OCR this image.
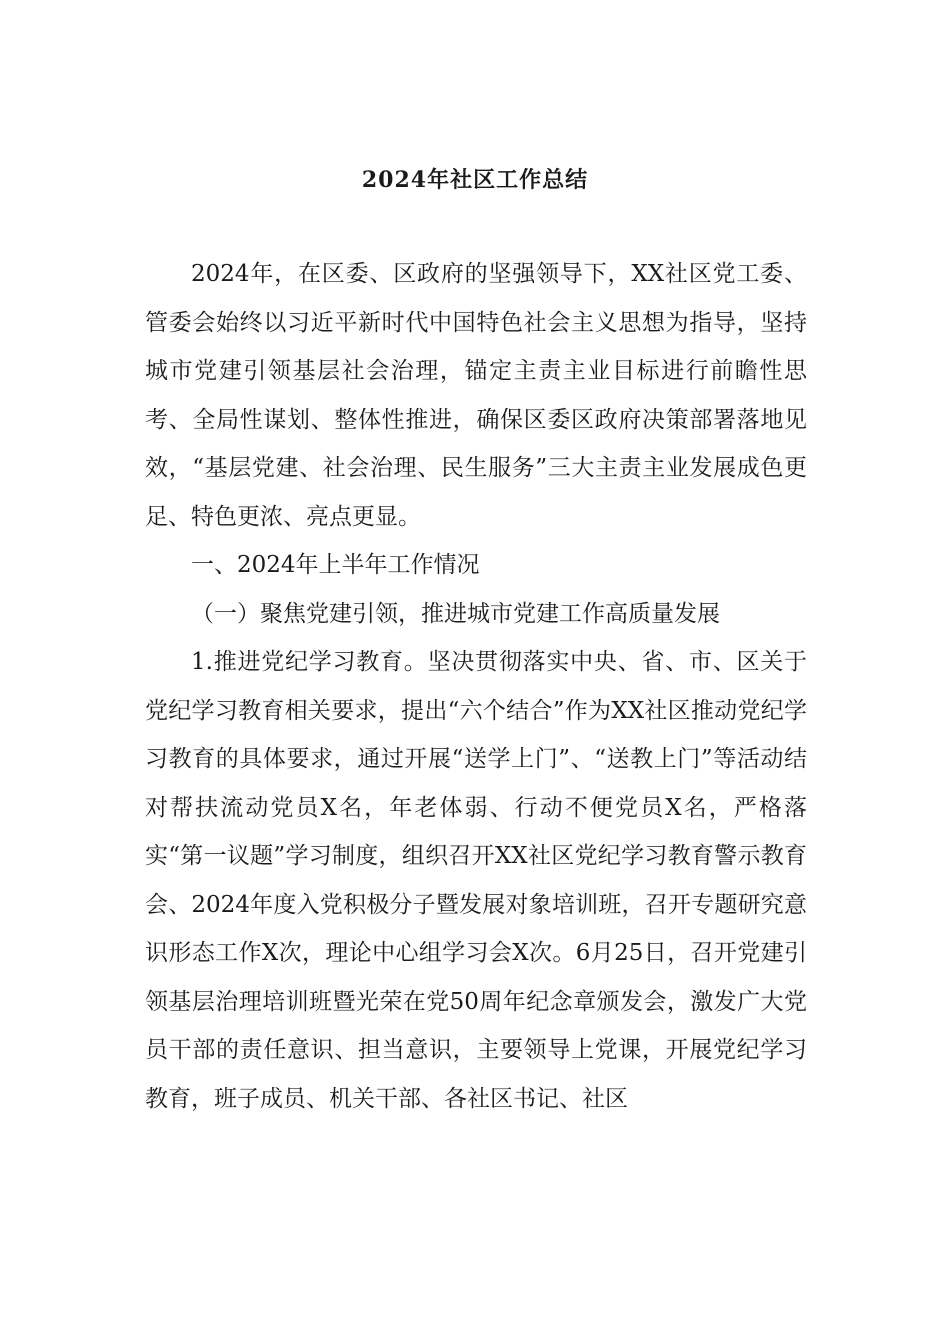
2024年社区工作总结

2024年，在区委、区政府的坚强领导下，XX社区党工委、管委会始终以习近平新时代中国特色社会主义思想为指导，坚持城市党建引领基层社会治理，锚定主责主业目标进行前瞻性思考、全局性谋划、整体性推进，确保区委区政府决策部署落地见效，“基层党建、社会治理、民生服务”三大主责主业发展成色更足、特色更浓、亮点更显。

一、2024年上半年工作情况

（一）聚焦党建引领，推进城市党建工作高质量发展

1.推进党纪学习教育。坚决贯彻落实中央、省、市、区关于党纪学习教育相关要求，提出“六个结合”作为XX社区推动党纪学习教育的具体要求，通过开展“送学上门”、“送教上门”等活动结对帮扶流动党员X名，年老体弱、行动不便党员X名，严格落实“第一议题”学习制度，组织召开XX社区党纪学习教育警示教育会、2024年度入党积极分子暨发展对象培训班，召开专题研究意识形态工作X次，理论中心组学习会X次。6月25日，召开党建引领基层治理培训班暨光荣在党50周年纪念章颁发会，激发广大党员干部的责任意识、担当意识，主要领导上党课，开展党纪学习教育，班子成员、机关干部、各社区书记、社区
